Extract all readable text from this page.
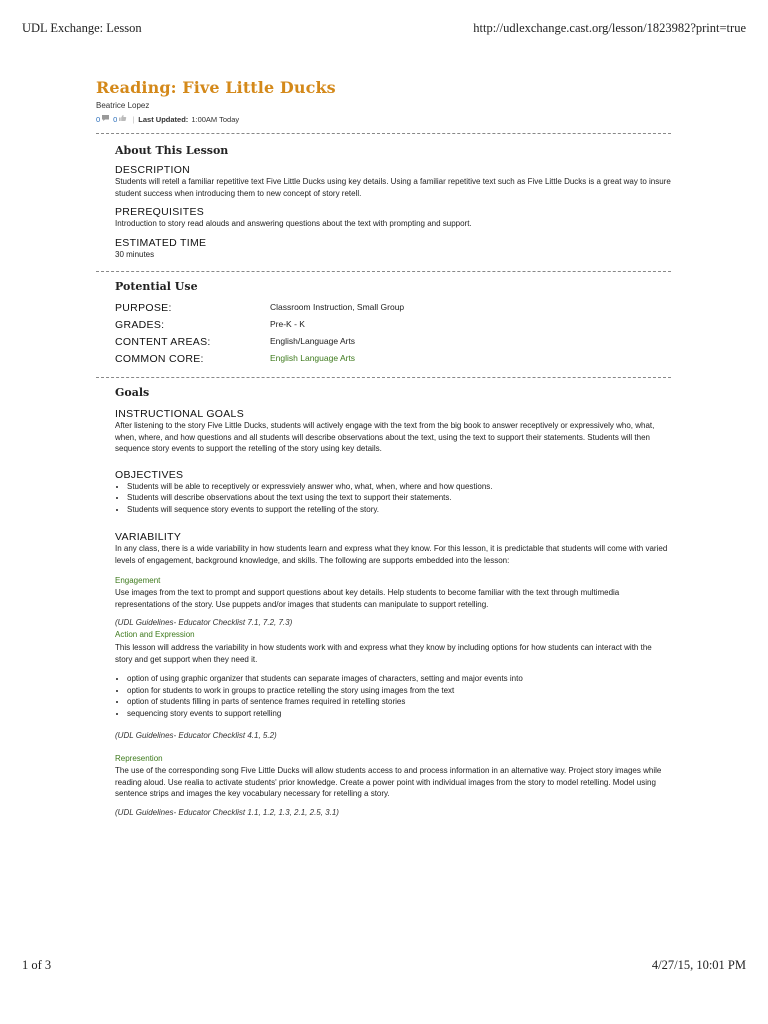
UDL Exchange: Lesson	http://udlexchange.cast.org/lesson/1823982?print=true
Reading: Five Little Ducks
Beatrice Lopez
0 0 | Last Updated: 1:00AM Today
About This Lesson
DESCRIPTION

Students will retell a familiar repetitive text Five Little Ducks using key details. Using a familiar repetitive text such as Five Little Ducks is a great way to insure student success when introducing them to new concept of story retell.

PREREQUISITES

Introduction to story read alouds and answering questions about the text with prompting and support.

ESTIMATED TIME

30 minutes

Potential Use
PURPOSE:	Classroom Instruction, Small Group
GRADES:	Pre-K - K
CONTENT AREAS:	English/Language Arts
COMMON CORE:	English Language Arts
Goals
INSTRUCTIONAL GOALS

After listening to the story Five Little Ducks, students will actively engage with the text from the big book to answer receptively or expressively who, what, when, where, and how questions and all students will describe observations about the text, using the text to support their statements. Students will then sequence story events to support the retelling of the story using key details.

OBJECTIVES
• Students will be able to receptively or expressviely answer who, what, when, where and how questions.
• Students will describe observations about the text using the text to support their statements.
• Students will sequence story events to support the retelling of the story.
VARIABILITY

In any class, there is a wide variability in how students learn and express what they know. For this lesson, it is predictable that students will come with varied levels of engagement, background knowledge, and skills. The following are supports embedded into the lesson:

Engagement

Use images from the text to prompt and support questions about key details. Help students to become familiar with the text through multimedia representations of the story. Use puppets and/or images that students can manipulate to support retelling.

(UDL Guidelines- Educator Checklist 7.1, 7.2, 7.3)

Action and Expression

This lesson will address the variability in how students work with and express what they know by including options for how students can interact with the story and get support when they need it.

• option of using graphic organizer that students can separate images of characters, setting and major events into
• option for students to work in groups to practice retelling the story using images from the text
• option of students filling in parts of sentence frames required in retelling stories
• sequencing story events to support retelling

(UDL Guidelines- Educator Checklist 4.1, 5.2)

Represention

The use of the corresponding song Five Little Ducks will allow students access to and process information in an alternative way. Project story images while reading aloud. Use realia to activate students' prior knowledge. Create a power point with individual images from the story to model retelling. Model using sentence strips and images the key vocabulary necessary for retelling a story.

(UDL Guidelines- Educator Checklist 1.1, 1.2, 1.3, 2.1, 2.5, 3.1)

1 of 3	4/27/15, 10:01 PM
